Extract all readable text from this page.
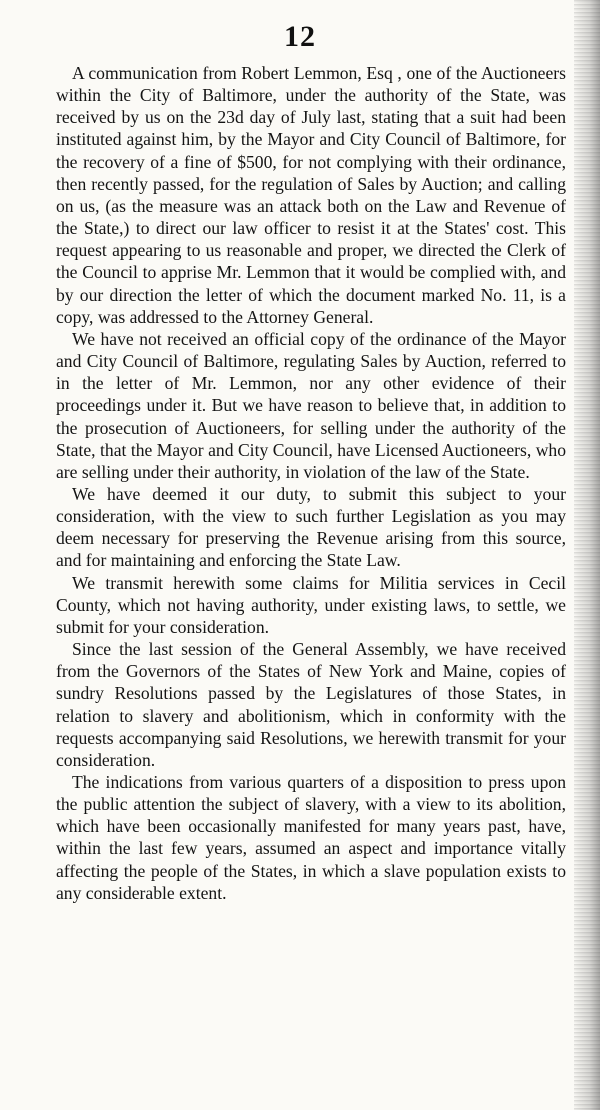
12

A communication from Robert Lemmon, Esq , one of the Auctioneers within the City of Baltimore, under the authority of the State, was received by us on the 23d day of July last, stating that a suit had been instituted against him, by the Mayor and City Council of Baltimore, for the recovery of a fine of $500, for not complying with their ordinance, then recently passed, for the regulation of Sales by Auction; and calling on us, (as the measure was an attack both on the Law and Revenue of the State,) to direct our law officer to resist it at the States' cost. This request appearing to us reasonable and proper, we directed the Clerk of the Council to apprise Mr. Lemmon that it would be complied with, and by our direction the letter of which the document marked No. 11, is a copy, was addressed to the Attorney General.

We have not received an official copy of the ordinance of the Mayor and City Council of Baltimore, regulating Sales by Auction, referred to in the letter of Mr. Lemmon, nor any other evidence of their proceedings under it. But we have reason to believe that, in addition to the prosecution of Auctioneers, for selling under the authority of the State, that the Mayor and City Council, have Licensed Auctioneers, who are selling under their authority, in violation of the law of the State.

We have deemed it our duty, to submit this subject to your consideration, with the view to such further Legislation as you may deem necessary for preserving the Revenue arising from this source, and for maintaining and enforcing the State Law.

We transmit herewith some claims for Militia services in Cecil County, which not having authority, under existing laws, to settle, we submit for your consideration.

Since the last session of the General Assembly, we have received from the Governors of the States of New York and Maine, copies of sundry Resolutions passed by the Legislatures of those States, in relation to slavery and abolitionism, which in conformity with the requests accompanying said Resolutions, we herewith transmit for your consideration.

The indications from various quarters of a disposition to press upon the public attention the subject of slavery, with a view to its abolition, which have been occasionally manifested for many years past, have, within the last few years, assumed an aspect and importance vitally affecting the people of the States, in which a slave population exists to any considerable extent.
